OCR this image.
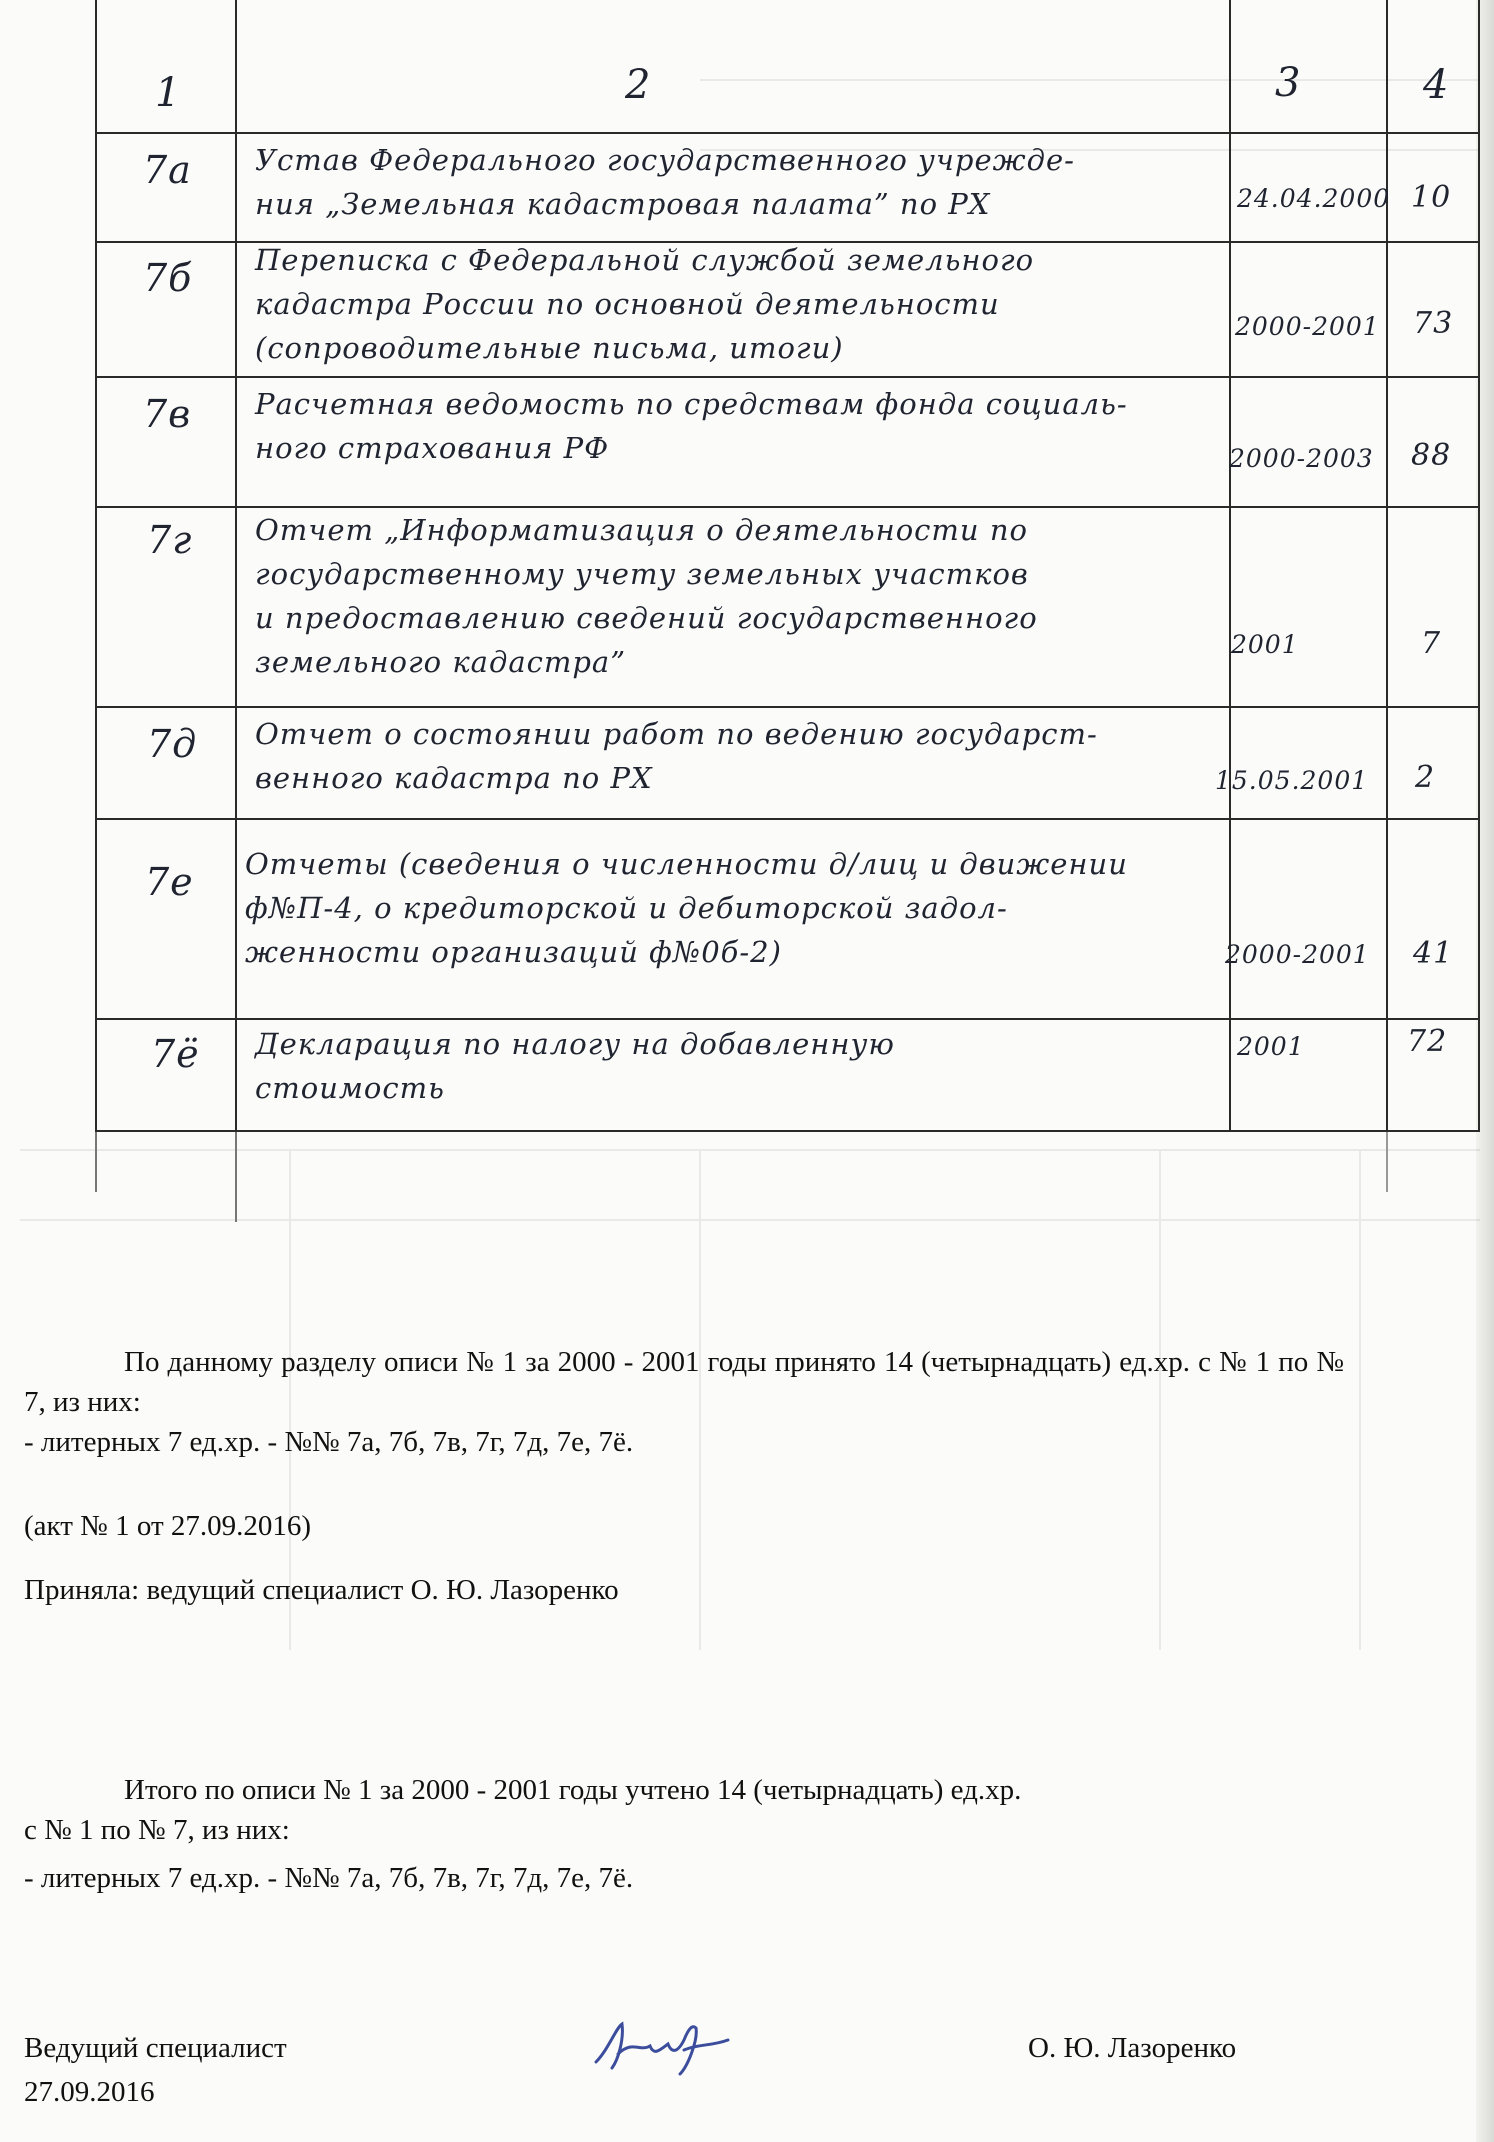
1	2	3	4
7а Устав Федерального государственного учрежде-
ния „Земельная кадастровая палата” по РХ	24.04.2000 10
7б Переписка с Федеральной службой земельного
кадастра России по основной деятельности
(сопроводительные письма, итоги)
2000-2001 73
7в Расчетная ведомость по средствам фонда социаль-
ного страхования РФ	2000-2003 88
7г Отчет „Информатизация о деятельности по
государственному учету земельных участков
и предоставлению сведений государственного
земельного кадастра”
2001	7
7д Отчет о состоянии работ по ведению государст-
венного кадастра по РХ	15.05.2001 2
7е Отчеты (сведения о численности д/лиц и движении
ф№П-4, о кредиторской и дебиторской задол-
женности организаций ф№0б-2)	2000-2001 41
7ё Декларация по налогу на добавленную
стоимость
2001	72
По данному разделу описи № 1 за 2000 - 2001 годы принято 14 (четырнадцать) ед.хр. с № 1 по № 7, из них:
- литерных 7 ед.хр. - №№ 7а, 7б, 7в, 7г, 7д, 7е, 7ё.
(акт № 1 от 27.09.2016)
Приняла: ведущий специалист О. Ю. Лазоренко
Итого по описи № 1 за 2000 - 2001 годы учтено 14 (четырнадцать) ед.хр.
с № 1 по № 7, из них:
- литерных 7 ед.хр. - №№ 7а, 7б, 7в, 7г, 7д, 7е, 7ё.
Ведущий специалист
27.09.2016
О. Ю. Лазоренко
